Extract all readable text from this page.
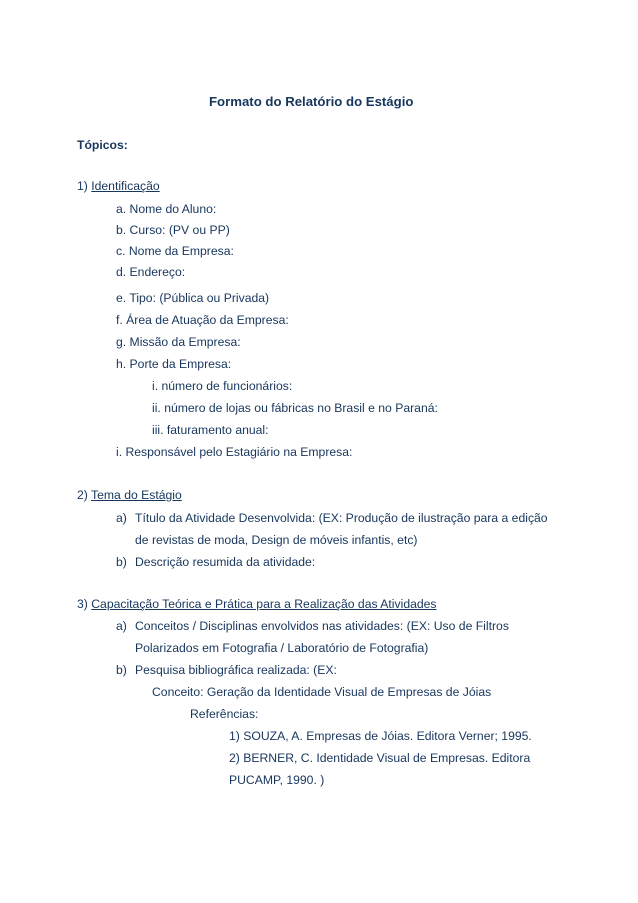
Formato do Relatório do Estágio
Tópicos:
1) Identificação
a. Nome do Aluno:
b. Curso: (PV ou PP)
c. Nome da Empresa:
d. Endereço:
e. Tipo: (Pública ou Privada)
f. Área de Atuação da Empresa:
g. Missão da Empresa:
h. Porte da Empresa:
i. número de funcionários:
ii. número de lojas ou fábricas no Brasil e no Paraná:
iii. faturamento anual:
i. Responsável pelo Estagiário na Empresa:
2) Tema do Estágio
a) Título da Atividade Desenvolvida: (EX: Produção de ilustração para a edição
de revistas de moda, Design de móveis infantis, etc)
b) Descrição resumida da atividade:
3) Capacitação Teórica e Prática para a Realização das Atividades
a) Conceitos / Disciplinas envolvidos nas atividades: (EX: Uso de Filtros
Polarizados em Fotografia / Laboratório de Fotografia)
b) Pesquisa bibliográfica realizada: (EX:
Conceito: Geração da Identidade Visual de Empresas de Jóias
Referências:
1) SOUZA, A. Empresas de Jóias. Editora Verner; 1995.
2) BERNER, C. Identidade Visual de Empresas. Editora
PUCAMP, 1990. )
